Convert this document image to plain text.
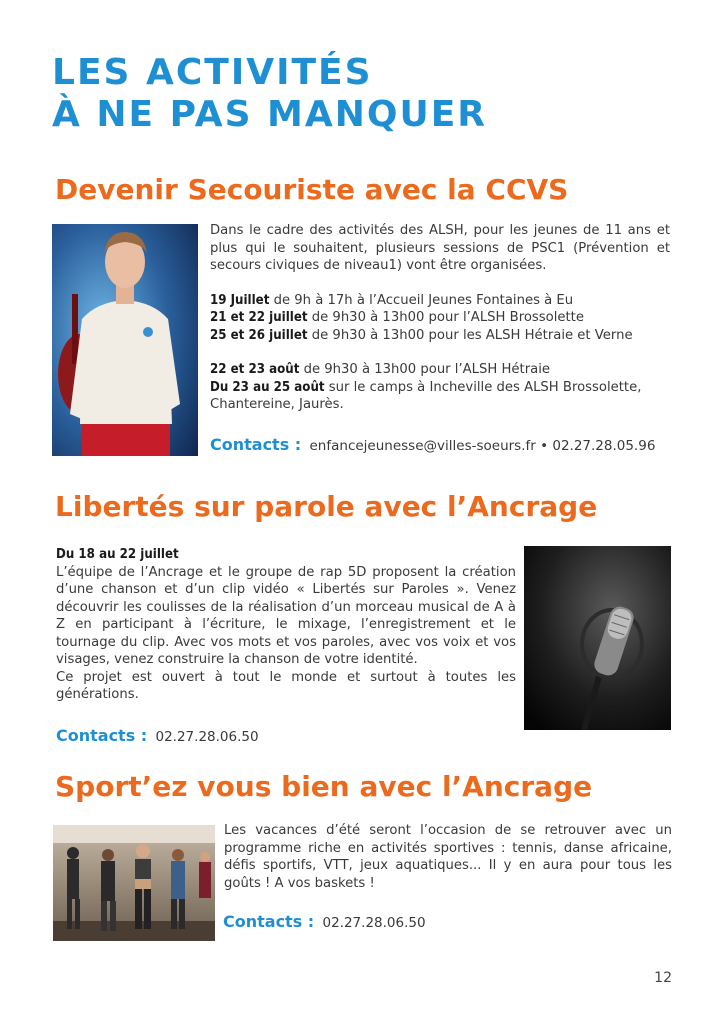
LES ACTIVITÉS
À NE PAS MANQUER
Devenir Secouriste avec la CCVS

Dans le cadre des activités des ALSH, pour les jeunes de 11 ans et plus qui le souhaitent, plusieurs sessions de PSC1 (Prévention et secours civiques de niveau1) vont être organisées.

19 Juillet de 9h à 17h à l’Accueil Jeunes Fontaines à Eu

21 et 22 juillet de 9h30 à 13h00 pour l’ALSH Brossolette

25 et 26 juillet de 9h30 à 13h00 pour les ALSH Hétraie et Verne

22 et 23 août de 9h30 à 13h00 pour l’ALSH Hétraie

Du 23 au 25 août sur le camps à Incheville des ALSH Brossolette, Chantereine, Jaurès.

Contacts : enfancejeunesse@villes-soeurs.fr • 02.27.28.05.96
Libertés sur parole avec l’Ancrage

Du 18 au 22 juillet

L’équipe de l’Ancrage et le groupe de rap 5D proposent la création d’une chanson et d’un clip vidéo « Libertés sur Paroles ». Venez découvrir les coulisses de la réalisation d’un morceau musical de A à Z en participant à l’écriture, le mixage, l’enregistrement et le tournage du clip. Avec vos mots et vos paroles, avec vos voix et vos visages, venez construire la chanson de votre identité.

Ce projet est ouvert à tout le monde et surtout à toutes les générations.

Contacts : 02.27.28.06.50
Sport’ez vous bien avec l’Ancrage

Les vacances d’été seront l’occasion de se retrouver avec un programme riche en activités sportives : tennis, danse africaine, défis sportifs, VTT, jeux aquatiques... Il y en aura pour tous les goûts ! A vos baskets !

Contacts : 02.27.28.06.50
12
